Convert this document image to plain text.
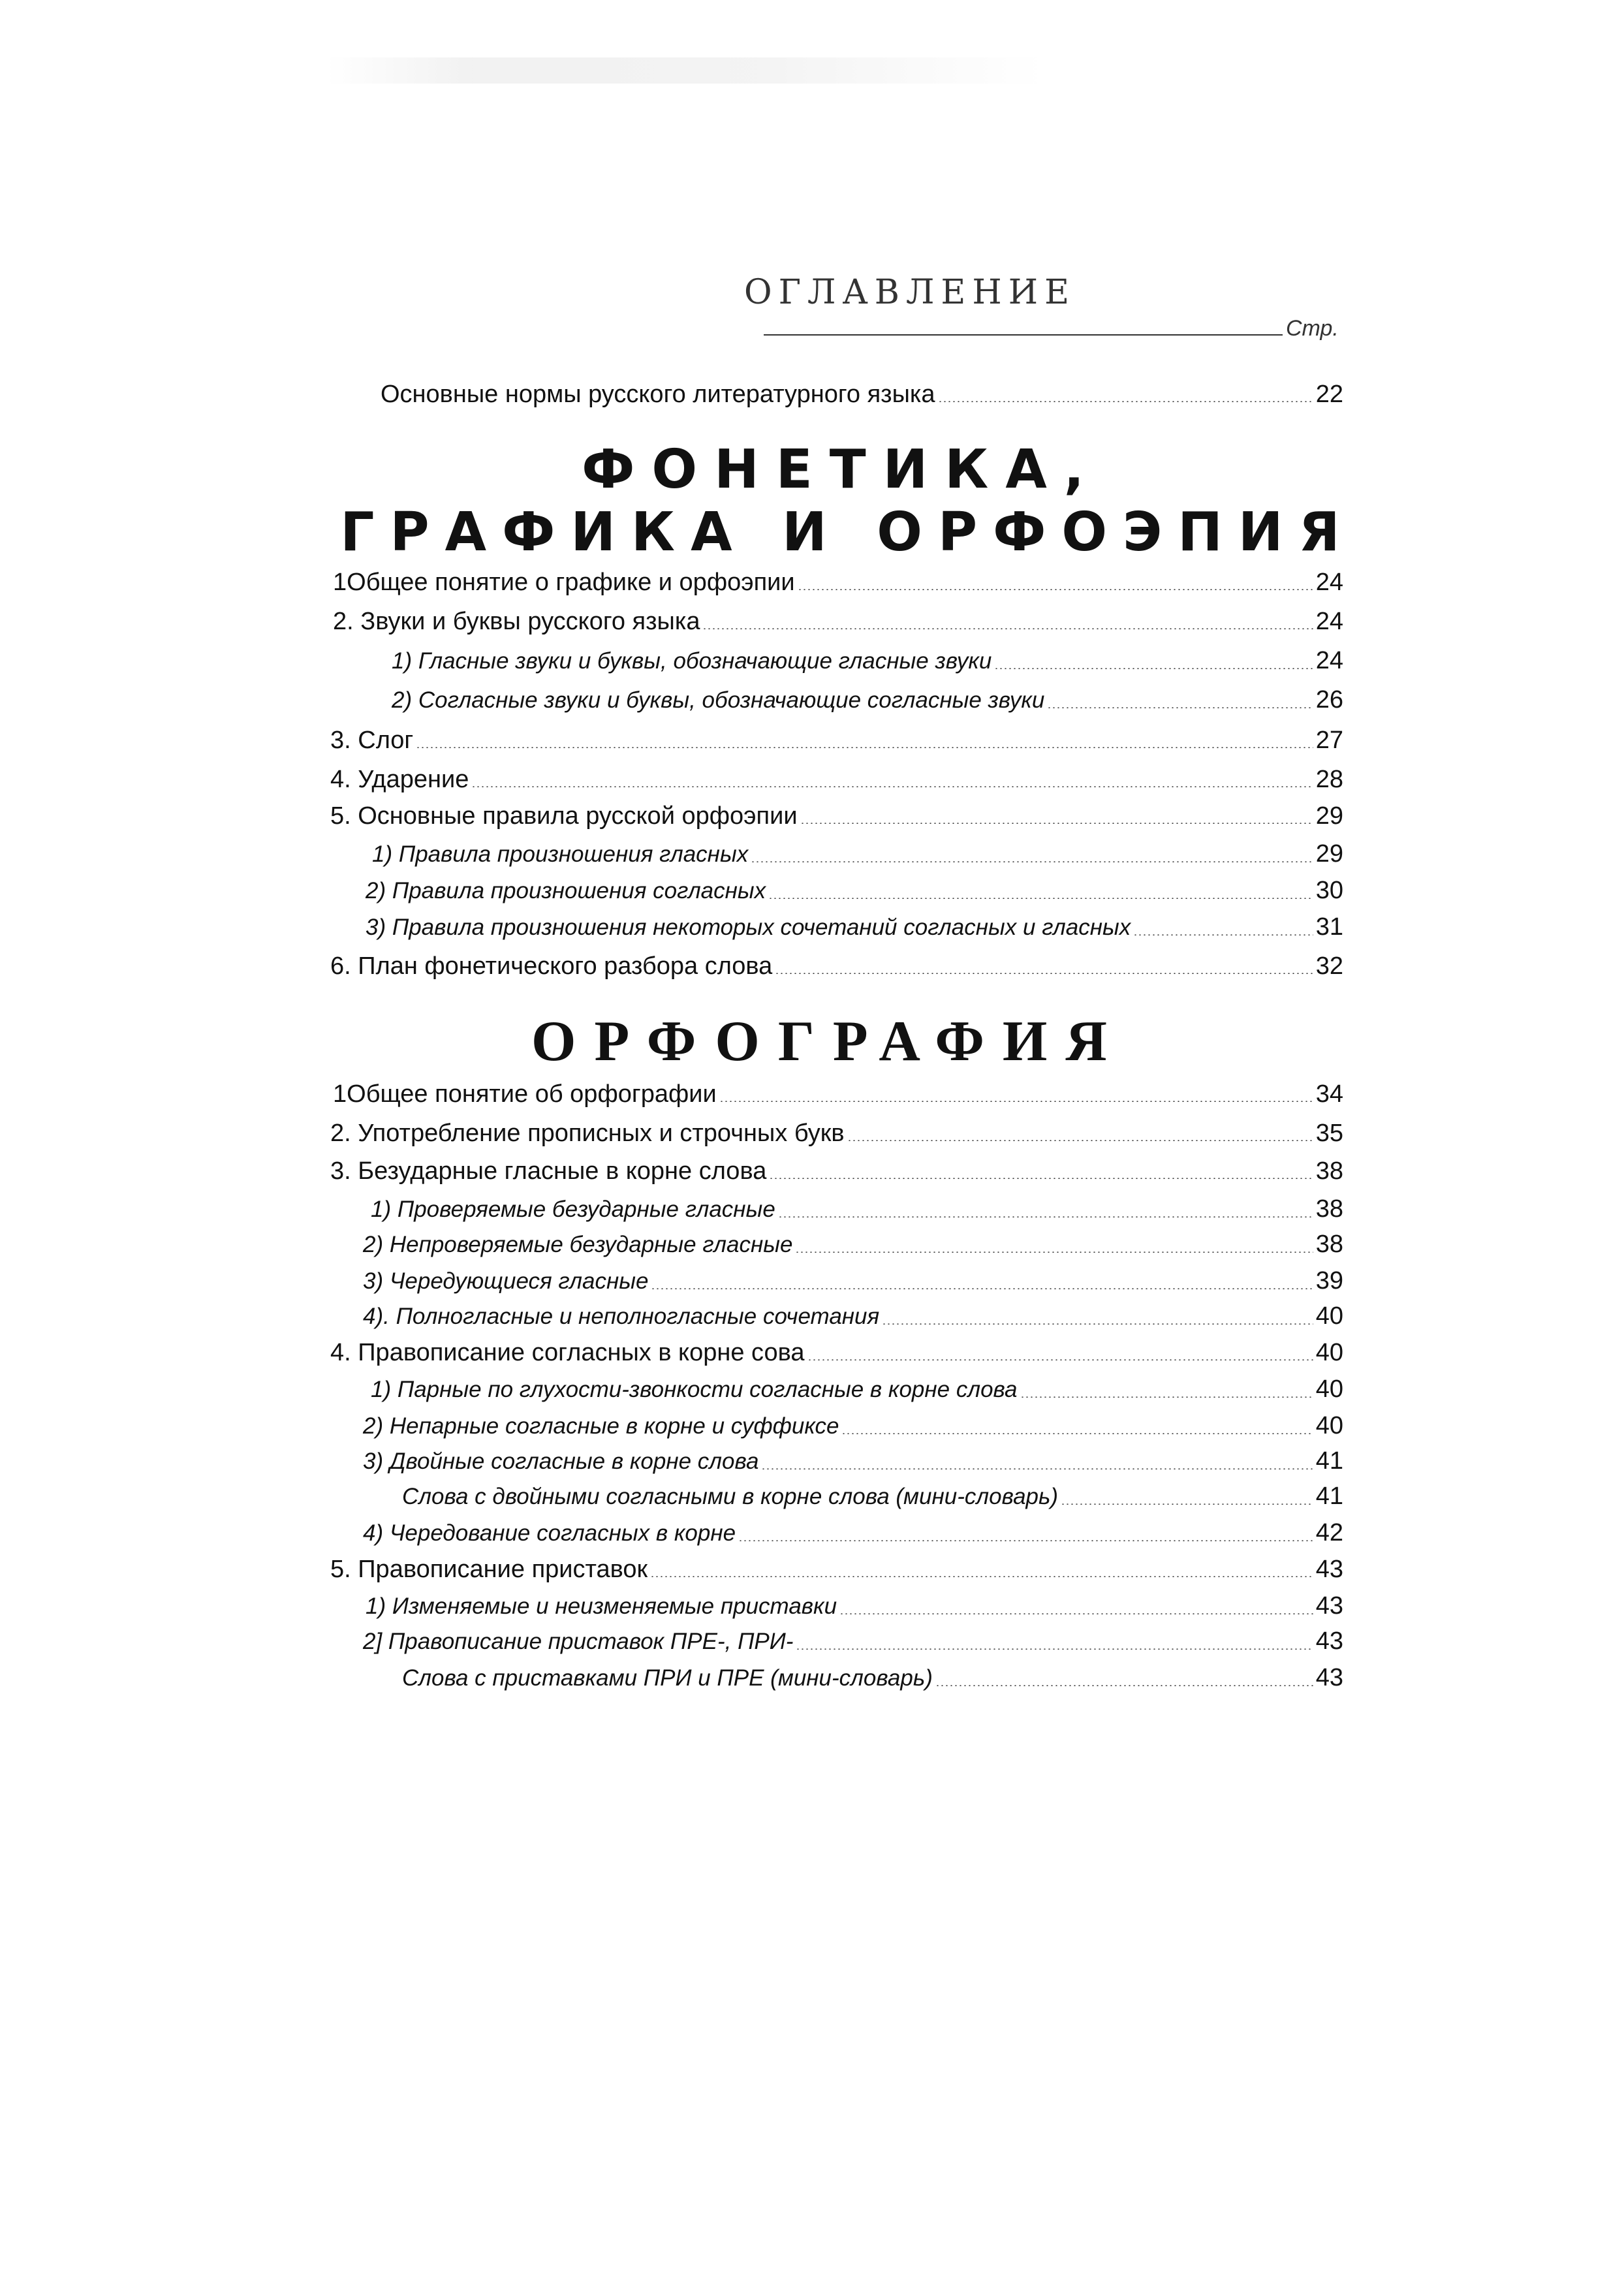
ОГЛАВЛЕНИЕ
Стр.
Основные нормы русского литературного языка	22
ФОНЕТИКА,
ГРАФИКА И ОРФОЭПИЯ
1Общее понятие о графике и орфоэпии	24
2. Звуки и буквы русского языка	24
1) Гласные звуки и буквы, обозначающие гласные звуки	24
2) Согласные звуки и буквы, обозначающие согласные звуки	26
3. Слог	27
4. Ударение	28
5. Основные правила русской орфоэпии	29
1) Правила произношения гласных	29
2) Правила произношения согласных	30
3) Правила произношения некоторых сочетаний согласных и гласных	31
6. План фонетического разбора слова	32
ОРФОГРАФИЯ
1Общее понятие об орфографии	34
2. Употребление прописных и строчных букв	35
3. Безударные гласные в корне слова	38
1) Проверяемые безударные гласные	38
2) Непроверяемые безударные гласные	38
3) Чередующиеся гласные	39
4). Полногласные и неполногласные сочетания	40
4. Правописание согласных в корне сова	40
1) Парные по глухости-звонкости согласные в корне слова	40
2) Непарные согласные в корне и суффиксе	40
3) Двойные согласные в корне слова	41
Слова с двойными согласными в корне слова (мини-словарь)	41
4) Чередование согласных в корне	42
5. Правописание приставок	43
1) Изменяемые и неизменяемые приставки	43
2] Правописание приставок ПРЕ-, ПРИ-	43
Слова с приставками ПРИ и ПРЕ (мини-словарь)	43
